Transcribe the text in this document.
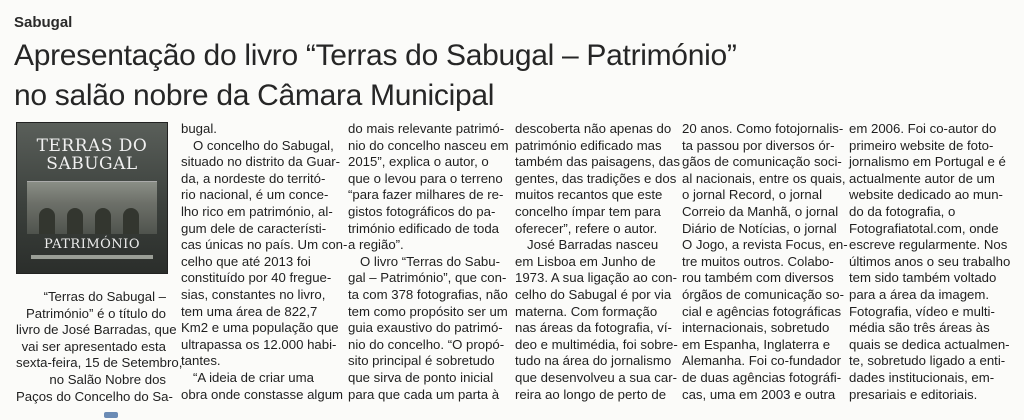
Sabugal
Apresentação do livro “Terras do Sabugal – Património”
no salão nobre da Câmara Municipal
TERRAS DO
SABUGAL
PATRIMÓNIO
“Terras do Sabugal –
Património” é o título do
livro de José Barradas, que
vai ser apresentado esta
sexta-feira, 15 de Setembro,
no Salão Nobre dos
Paços do Concelho do Sa-
bugal.
O concelho do Sabugal,
situado no distrito da Guar-
da, a nordeste do territó-
rio nacional, é um conce-
lho rico em património, al-
gum dele de característi-
cas únicas no país. Um con-
celho que até 2013 foi
constituído por 40 fregue-
sias, constantes no livro,
tem uma área de 822,7
Km2 e uma população que
ultrapassa os 12.000 habi-
tantes.
“A ideia de criar uma
obra onde constasse algum
do mais relevante patrimó-
nio do concelho nasceu em
2015”, explica o autor, o
que o levou para o terreno
“para fazer milhares de re-
gistos fotográficos do pa-
trimónio edificado de toda
a região”.
O livro “Terras do Sabu-
gal – Património”, que con-
ta com 378 fotografias, não
tem como propósito ser um
guia exaustivo do patrimó-
nio do concelho. “O propó-
sito principal é sobretudo
que sirva de ponto inicial
para que cada um parta à
descoberta não apenas do
património edificado mas
também das paisagens, das
gentes, das tradições e dos
muitos recantos que este
concelho ímpar tem para
oferecer”, refere o autor.
José Barradas nasceu
em Lisboa em Junho de
1973. A sua ligação ao con-
celho do Sabugal é por via
materna. Com formação
nas áreas da fotografia, ví-
deo e multimédia, foi sobre-
tudo na área do jornalismo
que desenvolveu a sua car-
reira ao longo de perto de
20 anos. Como fotojornalis-
ta passou por diversos ór-
gãos de comunicação soci-
al nacionais, entre os quais,
o jornal Record, o jornal
Correio da Manhã, o jornal
Diário de Notícias, o jornal
O Jogo, a revista Focus, en-
tre muitos outros. Colabo-
rou também com diversos
órgãos de comunicação so-
cial e agências fotográficas
internacionais, sobretudo
em Espanha, Inglaterra e
Alemanha. Foi co-fundador
de duas agências fotográfi-
cas, uma em 2003 e outra
em 2006. Foi co-autor do
primeiro website de foto-
jornalismo em Portugal e é
actualmente autor de um
website dedicado ao mun-
do da fotografia, o
Fotografiatotal.com, onde
escreve regularmente. Nos
últimos anos o seu trabalho
tem sido também voltado
para a área da imagem.
Fotografia, vídeo e multi-
média são três áreas às
quais se dedica actualmen-
te, sobretudo ligado a enti-
dades institucionais, em-
presariais e editoriais.
